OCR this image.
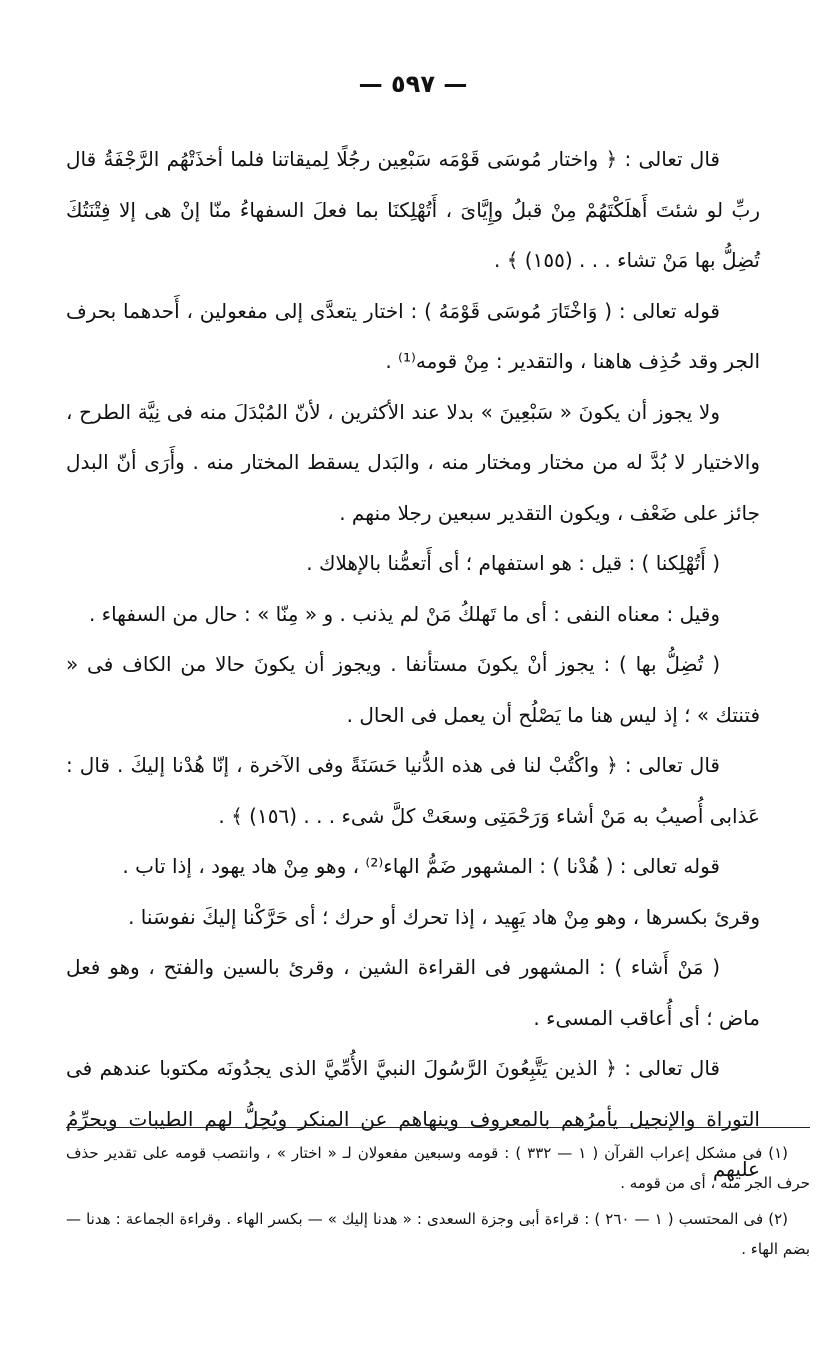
— ٥٩٧ —

قال تعالى : ﴿ واختار مُوسَى قَوْمَه سَبْعِين رجُلًا لِميقاتنا فلما أخذَتْهُم الرَّجْفَةُ قال ربِّ لو شئتَ أَهلَكْتَهُمْ مِنْ قبلُ وإِيَّاىَ ، أَتُهْلِكنَا بما فعلَ السفهاءُ منّا إنْ هى إلا فِتْنَتُكَ تُضِلُّ بها مَنْ تشاء . . . (١٥٥) ﴾ .

قوله تعالى : ( وَاخْتَارَ مُوسَى قَوْمَهُ ) : اختار يتعدَّى إلى مفعولين ، أَحدهما بحرف الجر وقد حُذِف هاهنا ، والتقدير : مِنْ قومه⁽¹⁾ .

ولا يجوز أن يكونَ « سَبْعِينَ » بدلا عند الأكثرين ، لأنّ المُبْدَلَ منه فى نِيَّة الطرح ، والاختيار لا بُدَّ له من مختار ومختار منه ، والبَدل يسقط المختار منه . وأَرَى أنّ البدل جائز على ضَعْف ، ويكون التقدير سبعين رجلا منهم .

( أَتُهْلِكنا ) : قيل : هو استفهام ؛ أى أَتعمُّنا بالإهلاك .

وقيل : معناه النفى : أى ما تَهلكُ مَنْ لم يذنب . و « مِنّا » : حال من السفهاء .

( تُضِلُّ بها ) : يجوز أنْ يكونَ مستأنفا . ويجوز أن يكونَ حالا من الكاف فى « فتنتك » ؛ إذ ليس هنا ما يَصْلُح أن يعمل فى الحال .

قال تعالى : ﴿ واكْتُبْ لنا فى هذه الدُّنيا حَسَنَةً وفى الآخرة ، إنّا هُدْنا إليكَ . قال : عَذابى أُصيبُ به مَنْ أشاء وَرَحْمَتِى وسعَتْ كلَّ شىء . . . (١٥٦) ﴾ .

قوله تعالى : ( هُدْنا ) : المشهور ضَمُّ الهاء⁽²⁾ ، وهو مِنْ هاد يهود ، إذا تاب .

وقرئ بكسرها ، وهو مِنْ هاد يَهِيد ، إذا تحرك أو حرك ؛ أى حَرَّكْنا إليكَ نفوسَنا .

( مَنْ أَشاء ) : المشهور فى القراءة الشين ، وقرئ بالسين والفتح ، وهو فعل ماض ؛ أى أُعاقب المسىء .

قال تعالى : ﴿ الذين يَتَّبِعُونَ الرَّسُولَ النبيَّ الأُمِّيَّ الذى يجدُونَه مكتوبا عندهم فى التوراة والإنجيل يأمرُهم بالمعروف وينهاهم عن المنكر ويُحِلُّ لهم الطيبات ويحرِّمُ عليهم

(١) فى مشكل إعراب القرآن ( ١ — ٣٣٢ ) : قومه وسبعين مفعولان لـ « اختار » ، وانتصب قومه على تقدير حذف حرف الجر منه ، أى من قومه .

(٢) فى المحتسب ( ١ — ٢٦٠ ) : قراءة أبى وجزة السعدى : « هدنا إليك » — بكسر الهاء . وقراءة الجماعة : هدنا — بضم الهاء .
